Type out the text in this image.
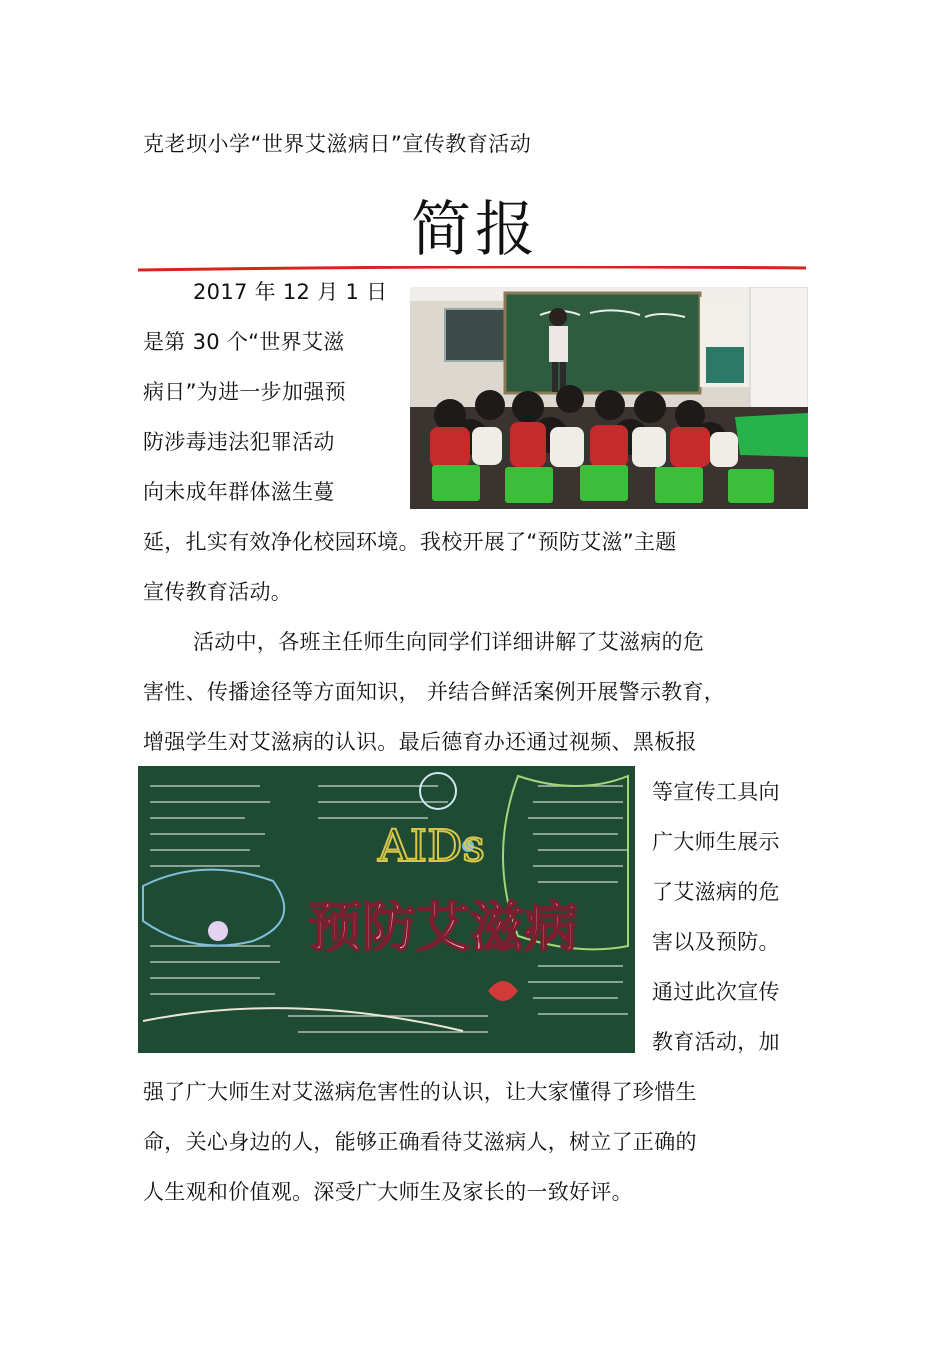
克老坝小学“世界艾滋病日”宣传教育活动
简报
2017 年 12 月 1 日
是第 30 个“世界艾滋
病日”为进一步加强预
防涉毒违法犯罪活动
向未成年群体滋生蔓
延，扎实有效净化校园环境。我校开展了“预防艾滋”主题
宣传教育活动。
活动中，各班主任师生向同学们详细讲解了艾滋病的危
害性、传播途径等方面知识， 并结合鲜活案例开展警示教育，
增强学生对艾滋病的认识。最后德育办还通过视频、黑板报
等宣传工具向
广大师生展示
了艾滋病的危
害以及预防。
通过此次宣传
教育活动，加
强了广大师生对艾滋病危害性的认识，让大家懂得了珍惜生
命，关心身边的人，能够正确看待艾滋病人，树立了正确的
人生观和价值观。深受广大师生及家长的一致好评。
AIDs
预防艾滋病
